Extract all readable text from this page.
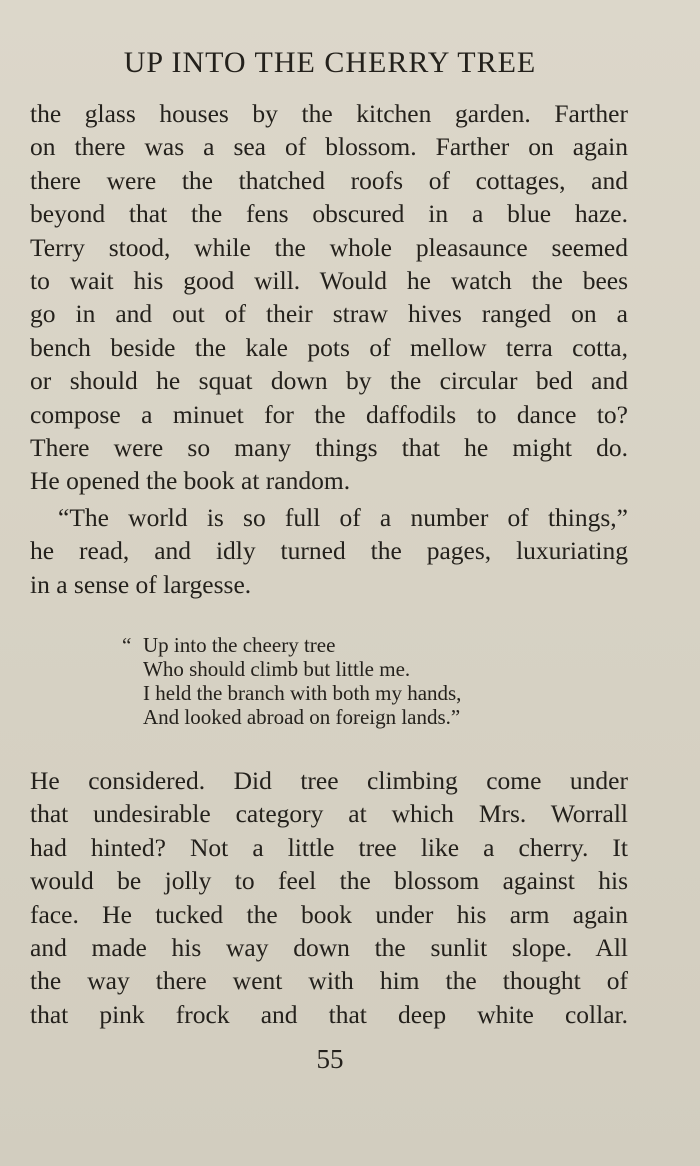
UP INTO THE CHERRY TREE
the glass houses by the kitchen garden. Farther
on there was a sea of blossom. Farther on again
there were the thatched roofs of cottages, and
beyond that the fens obscured in a blue haze.
Terry stood, while the whole pleasaunce seemed
to wait his good will. Would he watch the bees
go in and out of their straw hives ranged on a
bench beside the kale pots of mellow terra cotta,
or should he squat down by the circular bed and
compose a minuet for the daffodils to dance to?
There were so many things that he might do.
He opened the book at random.
“The world is so full of a number of things,”
he read, and idly turned the pages, luxuriating
in a sense of largesse.
“ Up into the cheery tree
Who should climb but little me.
I held the branch with both my hands,
And looked abroad on foreign lands.”
He considered. Did tree climbing come under
that undesirable category at which Mrs. Worrall
had hinted? Not a little tree like a cherry. It
would be jolly to feel the blossom against his
face. He tucked the book under his arm again
and made his way down the sunlit slope. All
the way there went with him the thought of
that pink frock and that deep white collar.
55
